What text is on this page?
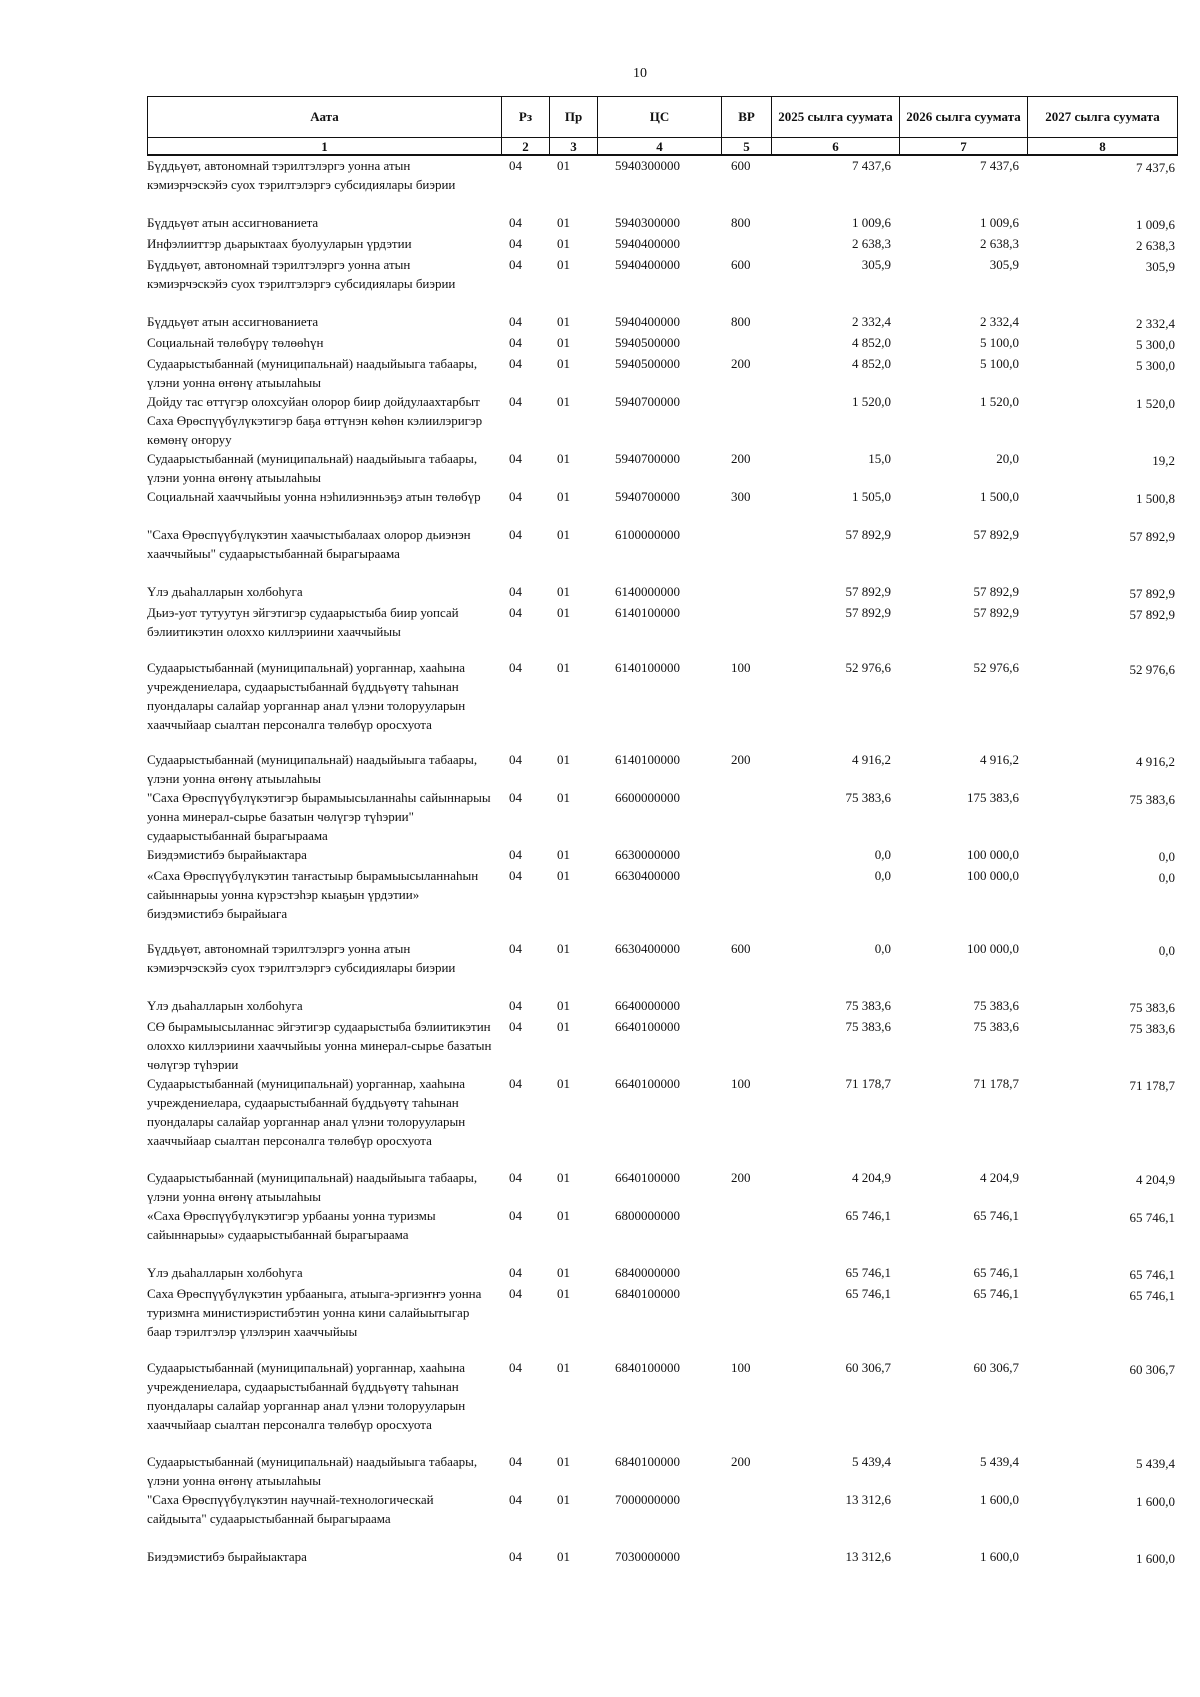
10
Аата	Рз	Пр	ЦС	ВР	2025 сылга суумата	2026 сылга суумата	2027 сылга суумата
1	2	3	4	5	6	7	8
Бүддьүөт, автономнай тэрилтэлэргэ уонна атын кэмиэрчэскэйэ суох тэрилтэлэргэ субсидиялары биэрии	04	01	5940300000	600	7 437,6	7 437,6	7 437,6

Бүддьүөт атын ассигнованиета	04	01	5940300000	800	1 009,6	1 009,6	1 009,6

Инфэлииттэр дьарыктаах буолууларын үрдэтии	04	01	5940400000		2 638,3	2 638,3	2 638,3

Бүддьүөт, автономнай тэрилтэлэргэ уонна атын кэмиэрчэскэйэ суох тэрилтэлэргэ субсидиялары биэрии	04	01	5940400000	600	305,9	305,9	305,9

Бүддьүөт атын ассигнованиета	04	01	5940400000	800	2 332,4	2 332,4	2 332,4

Социальнай төлөбүрү төлөөһүн	04	01	5940500000		4 852,0	5 100,0	5 300,0

Судаарыстыбаннай (муниципальнай) наадыйыыга табаары, үлэни уонна өҥөнү атыылаһыы	04	01	5940500000	200	4 852,0	5 100,0	5 300,0

Дойду тас өттүгэр олохсуйан олорор биир дойдулаахтарбыт Саха Өрөспүүбүлүкэтигэр баҕа өттүнэн көһөн кэлиилэригэр көмөнү оҥоруу	04	01	5940700000		1 520,0	1 520,0	1 520,0

Судаарыстыбаннай (муниципальнай) наадыйыыга табаары, үлэни уонна өҥөнү атыылаһыы	04	01	5940700000	200	15,0	20,0	19,2

Социальнай хааччыйыы уонна нэһилиэнньэҕэ атын төлөбүр	04	01	5940700000	300	1 505,0	1 500,0	1 500,8

"Саха Өрөспүүбүлүкэтин хаачыстыбалаах олорор дьиэнэн хааччыйыы" судаарыстыбаннай бырагыраама	04	01	6100000000		57 892,9	57 892,9	57 892,9

Үлэ дьаһалларын холбоһуга	04	01	6140000000		57 892,9	57 892,9	57 892,9

Дьиэ-уот тутуутун эйгэтигэр судаарыстыба биир уопсай бэлиитикэтин олоххо киллэриини хааччыйыы	04	01	6140100000		57 892,9	57 892,9	57 892,9

Судаарыстыбаннай (муниципальнай) уорганнар, хааһына учреждениелара, судаарыстыбаннай бүддьүөтү таһынан пуондалары салайар уорганнар анал үлэни толорууларын хааччыйаар сыалтан персоналга төлөбүр оросхуота	04	01	6140100000	100	52 976,6	52 976,6	52 976,6

Судаарыстыбаннай (муниципальнай) наадыйыыга табаары, үлэни уонна өҥөнү атыылаһыы	04	01	6140100000	200	4 916,2	4 916,2	4 916,2

"Саха Өрөспүүбүлүкэтигэр бырамыысыланнаһы сайыннарыы уонна минерал-сырье базатын чөлүгэр түһэрии" судаарыстыбаннай бырагыраама	04	01	6600000000		75 383,6	175 383,6	75 383,6

Биэдэмистибэ бырайыактара	04	01	6630000000		0,0	100 000,0	0,0

«Саха Өрөспүүбүлүкэтин таҥастыыр бырамыысыланнаһын сайыннарыы уонна күрэстэһэр кыаҕын үрдэтии» биэдэмистибэ бырайыага	04	01	6630400000		0,0	100 000,0	0,0

Бүддьүөт, автономнай тэрилтэлэргэ уонна атын кэмиэрчэскэйэ суох тэрилтэлэргэ субсидиялары биэрии	04	01	6630400000	600	0,0	100 000,0	0,0

Үлэ дьаһалларын холбоһуга	04	01	6640000000		75 383,6	75 383,6	75 383,6

СӨ бырамыысыланнас эйгэтигэр судаарыстыба бэлиитикэтин олоххо киллэриини хааччыйыы уонна минерал-сырье базатын чөлүгэр түһэрии	04	01	6640100000		75 383,6	75 383,6	75 383,6

Судаарыстыбаннай (муниципальнай) уорганнар, хааһына учреждениелара, судаарыстыбаннай бүддьүөтү таһынан пуондалары салайар уорганнар анал үлэни толорууларын хааччыйаар сыалтан персоналга төлөбүр оросхуота	04	01	6640100000	100	71 178,7	71 178,7	71 178,7

Судаарыстыбаннай (муниципальнай) наадыйыыга табаары, үлэни уонна өҥөнү атыылаһыы	04	01	6640100000	200	4 204,9	4 204,9	4 204,9

«Саха Өрөспүүбүлүкэтигэр урбааны уонна туризмы сайыннарыы» судаарыстыбаннай бырагыраама	04	01	6800000000		65 746,1	65 746,1	65 746,1

Үлэ дьаһалларын холбоһуга	04	01	6840000000		65 746,1	65 746,1	65 746,1

Саха Өрөспүүбүлүкэтин урбааныга, атыыга-эргиэҥҥэ уонна туризмҥа министиэристибэтин уонна кини салайыытыгар баар тэрилтэлэр үлэлэрин хааччыйыы	04	01	6840100000		65 746,1	65 746,1	65 746,1

Судаарыстыбаннай (муниципальнай) уорганнар, хааһына учреждениелара, судаарыстыбаннай бүддьүөтү таһынан пуондалары салайар уорганнар анал үлэни толорууларын хааччыйаар сыалтан персоналга төлөбүр оросхуота	04	01	6840100000	100	60 306,7	60 306,7	60 306,7

Судаарыстыбаннай (муниципальнай) наадыйыыга табаары, үлэни уонна өҥөнү атыылаһыы	04	01	6840100000	200	5 439,4	5 439,4	5 439,4

"Саха Өрөспүүбүлүкэтин научнай-технологическай сайдыыта" судаарыстыбаннай бырагыраама	04	01	7000000000		13 312,6	1 600,0	1 600,0

Биэдэмистибэ бырайыактара	04	01	7030000000		13 312,6	1 600,0	1 600,0
